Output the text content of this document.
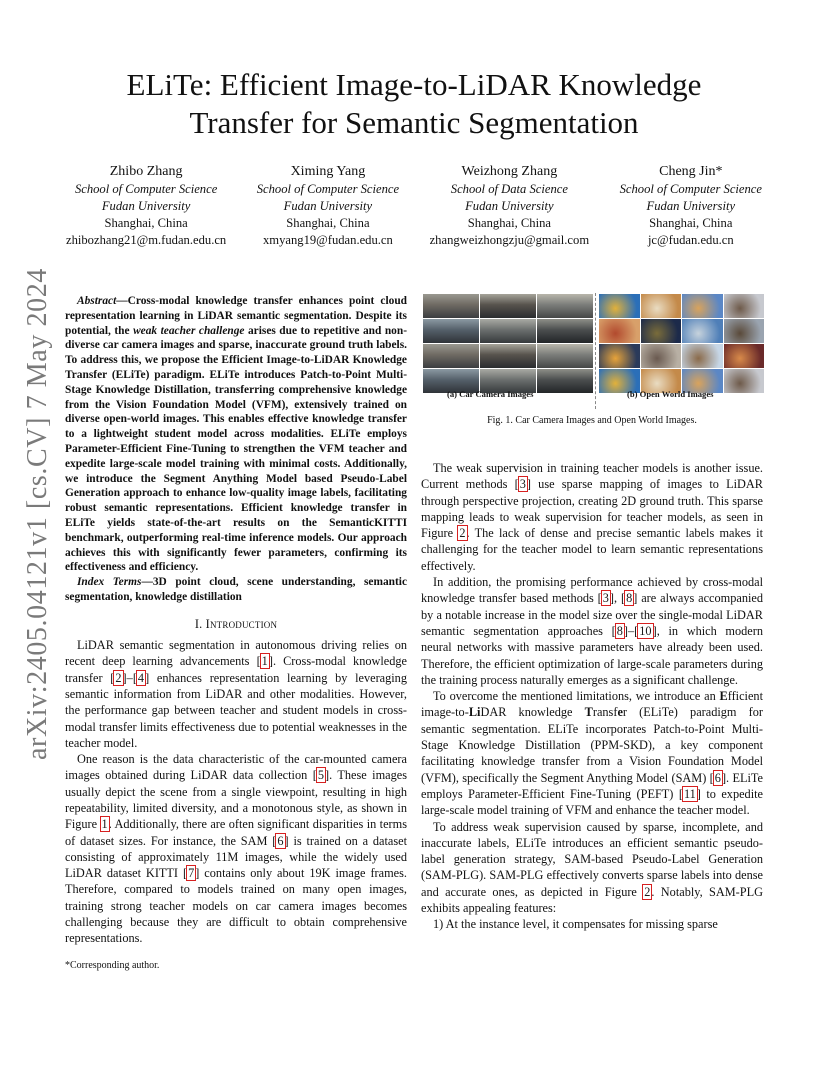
arXiv:2405.04121v1 [cs.CV] 7 May 2024
ELiTe: Efficient Image-to-LiDAR Knowledge
Transfer for Semantic Segmentation
Zhibo Zhang
School of Computer Science
Fudan University
Shanghai, China
zhibozhang21@m.fudan.edu.cn
Ximing Yang
School of Computer Science
Fudan University
Shanghai, China
xmyang19@fudan.edu.cn
Weizhong Zhang
School of Data Science
Fudan University
Shanghai, China
zhangweizhongzju@gmail.com
Cheng Jin*
School of Computer Science
Fudan University
Shanghai, China
jc@fudan.edu.cn

Abstract—Cross-modal knowledge transfer enhances point cloud representation learning in LiDAR semantic segmentation. Despite its potential, the weak teacher challenge arises due to repetitive and non-diverse car camera images and sparse, inaccurate ground truth labels. To address this, we propose the Efficient Image-to-LiDAR Knowledge Transfer (ELiTe) paradigm. ELiTe introduces Patch-to-Point Multi-Stage Knowledge Distillation, transferring comprehensive knowledge from the Vision Foundation Model (VFM), extensively trained on diverse open-world images. This enables effective knowledge transfer to a lightweight student model across modalities. ELiTe employs Parameter-Efficient Fine-Tuning to strengthen the VFM teacher and expedite large-scale model training with minimal costs. Additionally, we introduce the Segment Anything Model based Pseudo-Label Generation approach to enhance low-quality image labels, facilitating robust semantic representations. Efficient knowledge transfer in ELiTe yields state-of-the-art results on the SemanticKITTI benchmark, outperforming real-time inference models. Our approach achieves this with significantly fewer parameters, confirming its effectiveness and efficiency.

Index Terms—3D point cloud, scene understanding, semantic segmentation, knowledge distillation

I. Introduction

LiDAR semantic segmentation in autonomous driving relies on recent deep learning advancements [1]. Cross-modal knowledge transfer [2]–[4] enhances representation learning by leveraging semantic information from LiDAR and other modalities. However, the performance gap between teacher and student models in cross-modal transfer limits effectiveness due to potential weaknesses in the teacher model.

One reason is the data characteristic of the car-mounted camera images obtained during LiDAR data collection [5]. These images usually depict the scene from a single viewpoint, resulting in high repeatability, limited diversity, and a monotonous style, as shown in Figure 1. Additionally, there are often significant disparities in terms of dataset sizes. For instance, the SAM [6] is trained on a dataset consisting of approximately 11M images, while the widely used LiDAR dataset KITTI [7] contains only about 19K image frames. Therefore, compared to models trained on many open images, training strong teacher models on car camera images becomes challenging because they are difficult to obtain comprehensive representations.

*Corresponding author.
(a) Car Camera Images	(b) Open World Images
Fig. 1. Car Camera Images and Open World Images.

The weak supervision in training teacher models is another issue. Current methods [3] use sparse mapping of images to LiDAR through perspective projection, creating 2D ground truth. This sparse mapping leads to weak supervision for teacher models, as seen in Figure 2. The lack of dense and precise semantic labels makes it challenging for the teacher model to learn semantic representations effectively.

In addition, the promising performance achieved by cross-modal knowledge transfer based methods [3], [8] are always accompanied by a notable increase in the model size over the single-modal LiDAR semantic segmentation approaches [8]–[10], in which modern neural networks with massive parameters have already been used. Therefore, the efficient optimization of large-scale parameters during the training process naturally emerges as a significant challenge.

To overcome the mentioned limitations, we introduce an Efficient image-to-LiDAR knowledge Transfer (ELiTe) paradigm for semantic segmentation. ELiTe incorporates Patch-to-Point Multi-Stage Knowledge Distillation (PPM-SKD), a key component facilitating knowledge transfer from a Vision Foundation Model (VFM), specifically the Segment Anything Model (SAM) [6]. ELiTe employs Parameter-Efficient Fine-Tuning (PEFT) [11] to expedite large-scale model training of VFM and enhance the teacher model.

To address weak supervision caused by sparse, incomplete, and inaccurate labels, ELiTe introduces an efficient semantic pseudo-label generation strategy, SAM-based Pseudo-Label Generation (SAM-PLG). SAM-PLG effectively converts sparse labels into dense and accurate ones, as depicted in Figure 2. Notably, SAM-PLG exhibits appealing features:

1) At the instance level, it compensates for missing sparse
